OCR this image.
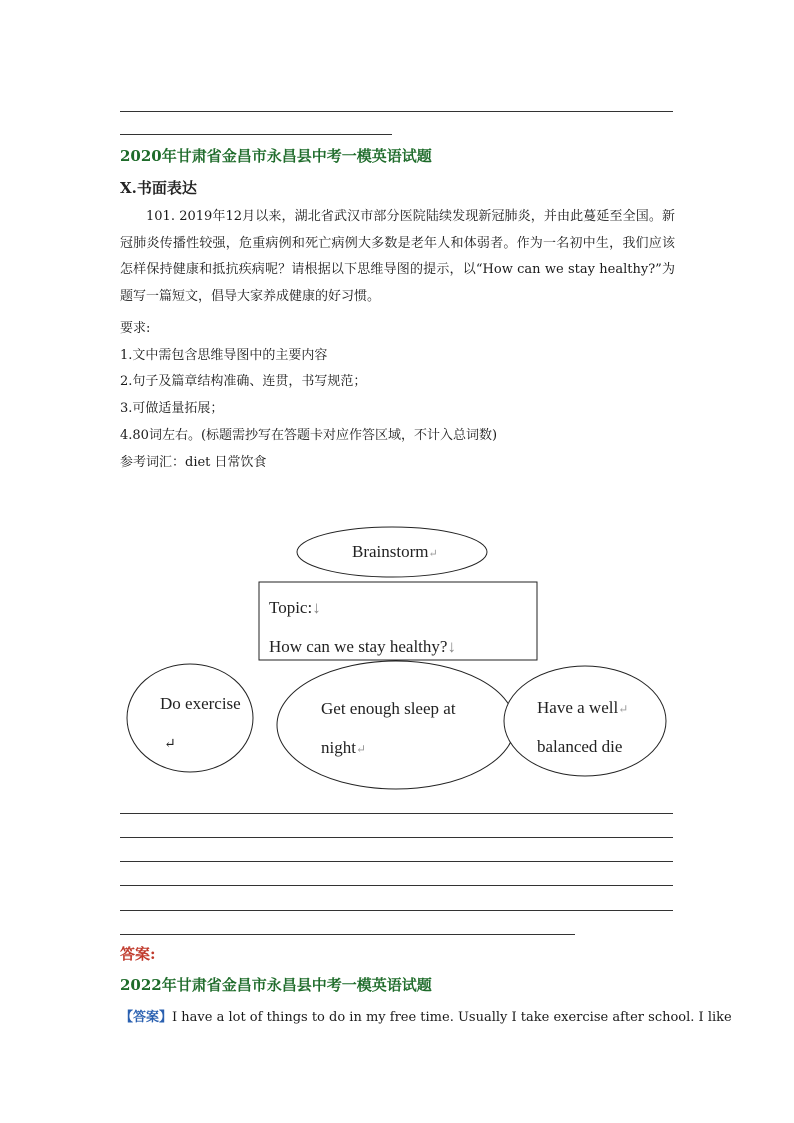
2020年甘肃省金昌市永昌县中考一模英语试题
X.书面表达
101. 2019年12月以来，湖北省武汉市部分医院陆续发现新冠肺炎，并由此蔓延至全国。新冠肺炎传播性较强，危重病例和死亡病例大多数是老年人和体弱者。作为一名初中生，我们应该怎样保持健康和抵抗疾病呢？请根据以下思维导图的提示，以“How can we stay healthy?”为题写一篇短文，倡导大家养成健康的好习惯。
要求:
1.文中需包含思维导图中的主要内容
2.句子及篇章结构准确、连贯，书写规范；
3.可做适量拓展；
4.80词左右。(标题需抄写在答题卡对应作答区域，不计入总词数)
参考词汇：diet 日常饮食
Brainstorm↵
Topic:↓
How can we stay healthy?↓
Do exercise
↵
Get enough sleep at
night↵
Have a well↵
balanced die
答案:
2022年甘肃省金昌市永昌县中考一模英语试题
【答案】I have a lot of things to do in my free time. Usually I take exercise after school. I like
